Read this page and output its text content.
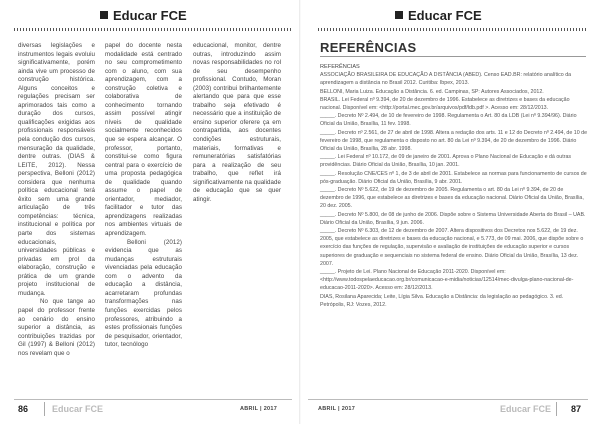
Educar FCE

diversas legislações e instrumentos legais evoluiu significativamente, porém ainda vive um processo de construção histórica. Alguns conceitos e regulações precisam ser aprimorados tais como a duração dos cursos, qualificações exigidas aos profissionais responsáveis pela condução dos cursos, mensuração da qualidade, dentre outras. (DIAS & LEITE, 2012). Nessa perspectiva, Belloni (2012) considera que nenhuma política educacional terá êxito sem uma grande articulação de três competências: técnica, institucional e política por parte dos sistemas educacionais, universidades públicas e privadas em prol da elaboração, construção e prática de um grande projeto institucional de mudança.

No que tange ao papel do professor frente ao cenário do ensino superior a distância, as contribuições trazidas por Gil (1997) & Belloni (2012) nos revelam que o

papel do docente nesta modalidade está centrado no seu comprometimento com o aluno, com sua aprendizagem, com a construção coletiva e colaborativa de conhecimento tornando assim possível atingir níveis de qualidade socialmente reconhecidos que se espera alcançar. O professor, portanto, constitui-se como figura central para o exercício de uma proposta pedagógica de qualidade quando assume o papel de orientador, mediador, facilitador e tutor das aprendizagens realizadas nos ambientes virtuais de aprendizagem.

Belloni (2012) evidencia que as mudanças estruturais vivenciadas pela educação com o advento da educação a distância, acarretaram profundas transformações nas funções exercidas pelos professores, atribuindo a estes profissionais funções de pesquisador, orientador, tutor, tecnólogo

educacional, monitor, dentre outras, introduzindo assim novas responsabilidades no rol de seu desempenho profissional. Contudo, Moran (2003) contribui brilhantemente alertando que para que esse trabalho seja efetivado é necessário que a instituição de ensino superior oferere ça em contrapartida, aos docentes condições estruturais, materiais, formativas e remuneratórias satisfatórias para a realização de seu trabalho, que reflet irá significativamente na qualidade de educação que se quer atingir.

86	Educar FCE	ABRIL | 2017
Educar FCE
REFERÊNCIAS

REFERÊNCIAS

ASSOCIAÇÃO BRASILEIRA DE EDUCAÇÃO A DISTÂNCIA (ABED). Censo EAD.BR: relatório analítico da aprendizagem a distância no Brasil 2012. Curitiba: Ibpex, 2013.

BELLONI, Maria Luiza. Educação a Distância. 6. ed. Campinas, SP: Autores Associados, 2012.

BRASIL. Lei Federal nº 9.394, de 20 de dezembro de 1996. Estabelece as diretrizes e bases da educação nacional. Disponível em: <http://portal.mec.gov.br/arquivos/pdf/ldb.pdf >. Acesso em: 28/12/2013.

_____. Decreto Nº 2.494, de 10 de fevereiro de 1998. Regulamenta o Art. 80 da LDB (Lei nº 9.394/96). Diário Oficial da União, Brasília, 11 fev. 1998.

_____. Decreto nº 2.561, de 27 de abril de 1998. Altera a redação dos arts. 11 e 12 do Decreto nº 2.494, de 10 de fevereiro de 1998, que regulamenta o disposto no art. 80 da Lei nº 9.394, de 20 de dezembro de 1996. Diário Oficial da União, Brasília, 28 abr. 1998.

_____. Lei Federal nº 10.172, de 09 de janeiro de 2001. Aprova o Plano Nacional de Educação e dá outras providências. Diário Oficial da União, Brasília, 10 jan. 2001.

_____. Resolução CNE/CES nº 1, de 3 de abril de 2001. Estabelece as normas para funcionamento de cursos de pós-graduação. Diário Oficial da União, Brasília, 9 abr. 2001.

_____. Decreto Nº 5.622, de 19 de dezembro de 2005. Regulamenta o art. 80 da Lei nº 9.394, de 20 de dezembro de 1996, que estabelece as diretrizes e bases da educação nacional. Diário Oficial da União, Brasília, 20 dez. 2005.

_____. Decreto Nº 5.800, de 08 de junho de 2006. Dispõe sobre o Sistema Universidade Aberta do Brasil – UAB. Diário Oficial da União, Brasília, 9 jun. 2006.

_____. Decreto Nº 6.303, de 12 de dezembro de 2007. Altera dispositivos dos Decretos nos 5.622, de 19 dez. 2005, que estabelece as diretrizes e bases da educação nacional, e 5.773, de 09 mai. 2006, que dispõe sobre o exercício das funções de regulação, supervisão e avaliação de instituições de educação superior e cursos superiores de graduação e sequenciais no sistema federal de ensino. Diário Oficial da União, Brasília, 13 dez. 2007.

_____. Projeto de Lei. Plano Nacional de Educação 2011-2020. Disponível em: <http://www.todospelaeducacao.org.br/comunicacao-e-midia/noticias/12514/mec-divulga-plano-nacional-de-educacao-2011-2020>. Acesso em: 28/12/2013.

DIAS, Rosilana Aparecida; Leite, Lígia Silva. Educação a Distância: da legislação ao pedagógico. 3. ed. Petrópolis, RJ: Vozes, 2012.

ABRIL | 2017	Educar FCE 87
